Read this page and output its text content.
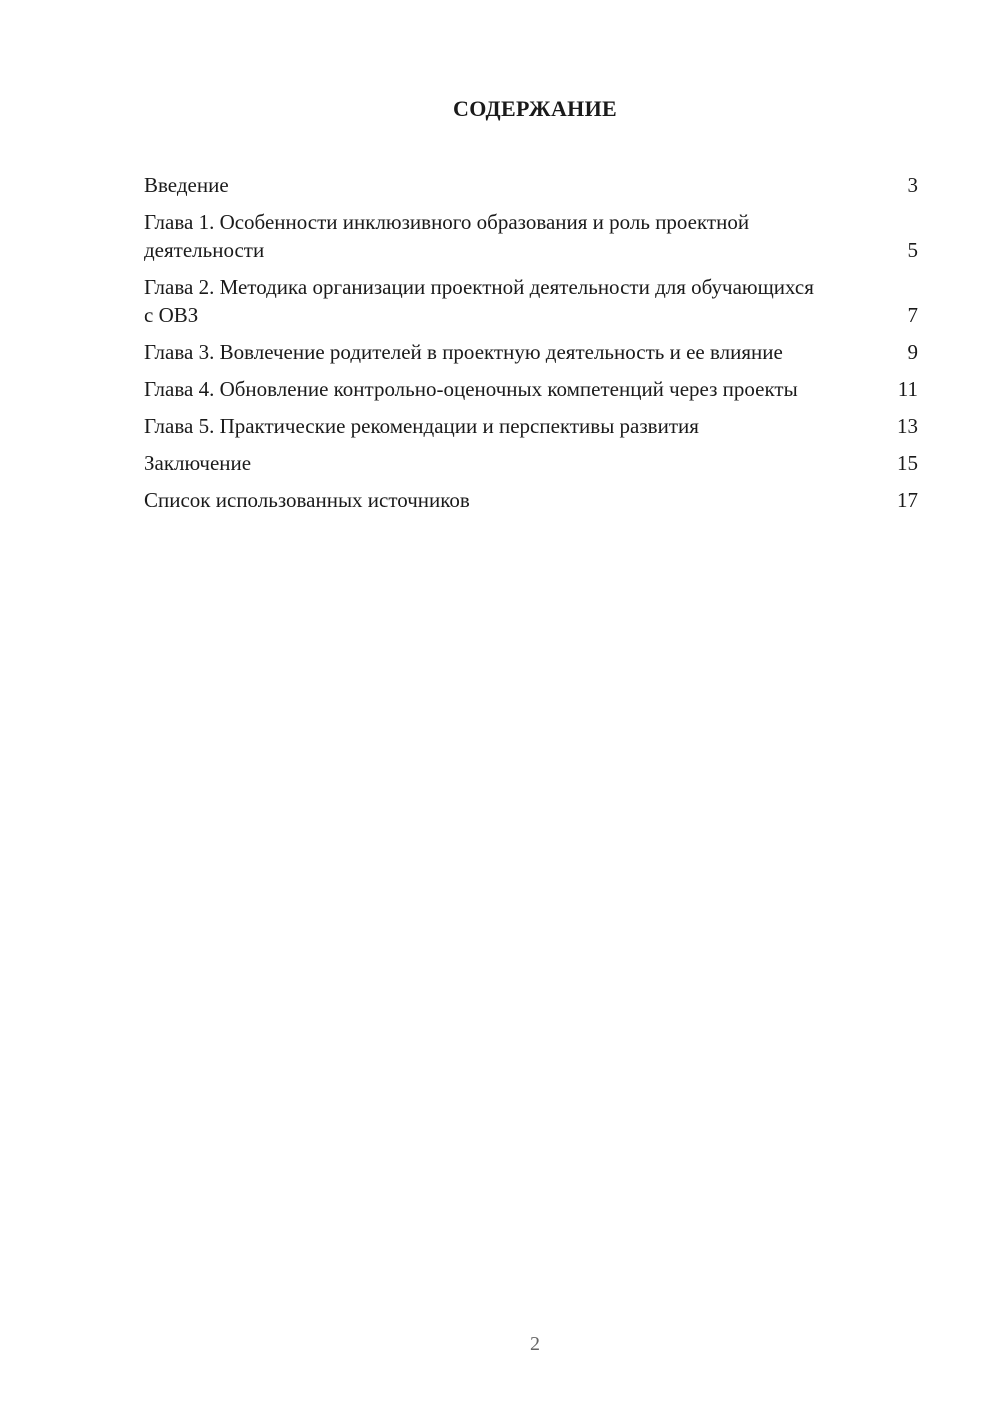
СОДЕРЖАНИЕ
Введение	3
Глава 1. Особенности инклюзивного образования и роль проектной деятельности	5
Глава 2. Методика организации проектной деятельности для обучающихся с ОВЗ	7
Глава 3. Вовлечение родителей в проектную деятельность и ее влияние	9
Глава 4. Обновление контрольно-оценочных компетенций через проекты	11
Глава 5. Практические рекомендации и перспективы развития	13
Заключение	15
Список использованных источников	17
2
